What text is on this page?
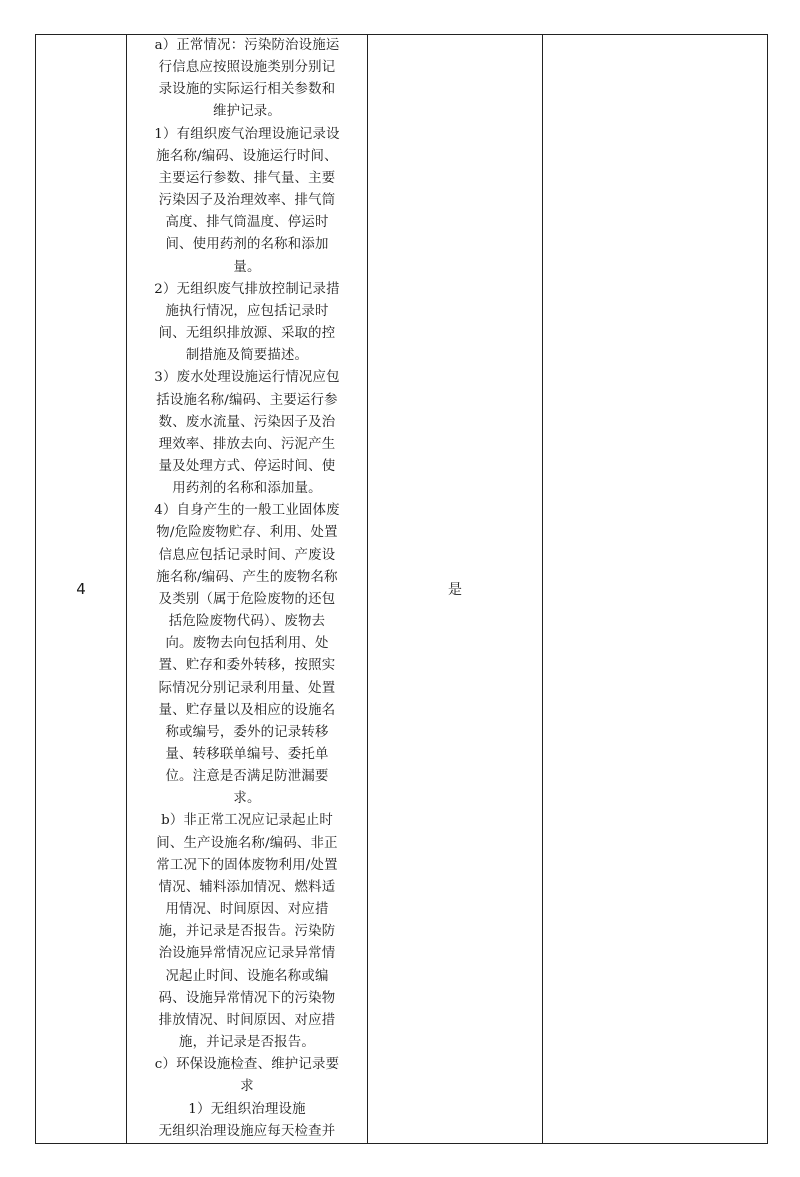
4	
a）正常情况：污染防治设施运
行信息应按照设施类别分别记
录设施的实际运行相关参数和
维护记录。
1）有组织废气治理设施记录设
施名称/编码、设施运行时间、
主要运行参数、排气量、主要
污染因子及治理效率、排气筒
高度、排气筒温度、停运时
间、使用药剂的名称和添加
量。
2）无组织废气排放控制记录措
施执行情况，应包括记录时
间、无组织排放源、采取的控
制措施及简要描述。
3）废水处理设施运行情况应包
括设施名称/编码、主要运行参
数、废水流量、污染因子及治
理效率、排放去向、污泥产生
量及处理方式、停运时间、使
用药剂的名称和添加量。
4）自身产生的一般工业固体废
物/危险废物贮存、利用、处置
信息应包括记录时间、产废设
施名称/编码、产生的废物名称
及类别（属于危险废物的还包
括危险废物代码）、废物去
向。废物去向包括利用、处
置、贮存和委外转移，按照实
际情况分别记录利用量、处置
量、贮存量以及相应的设施名
称或编号，委外的记录转移
量、转移联单编号、委托单
位。注意是否满足防泄漏要
求。
b）非正常工况应记录起止时
间、生产设施名称/编码、非正
常工况下的固体废物利用/处置
情况、辅料添加情况、燃料适
用情况、时间原因、对应措
施，并记录是否报告。污染防
治设施异常情况应记录异常情
况起止时间、设施名称或编
码、设施异常情况下的污染物
排放情况、时间原因、对应措
施，并记录是否报告。
c）环保设施检查、维护记录要
求
1）无组织治理设施
无组织治理设施应每天检查并
	是	
